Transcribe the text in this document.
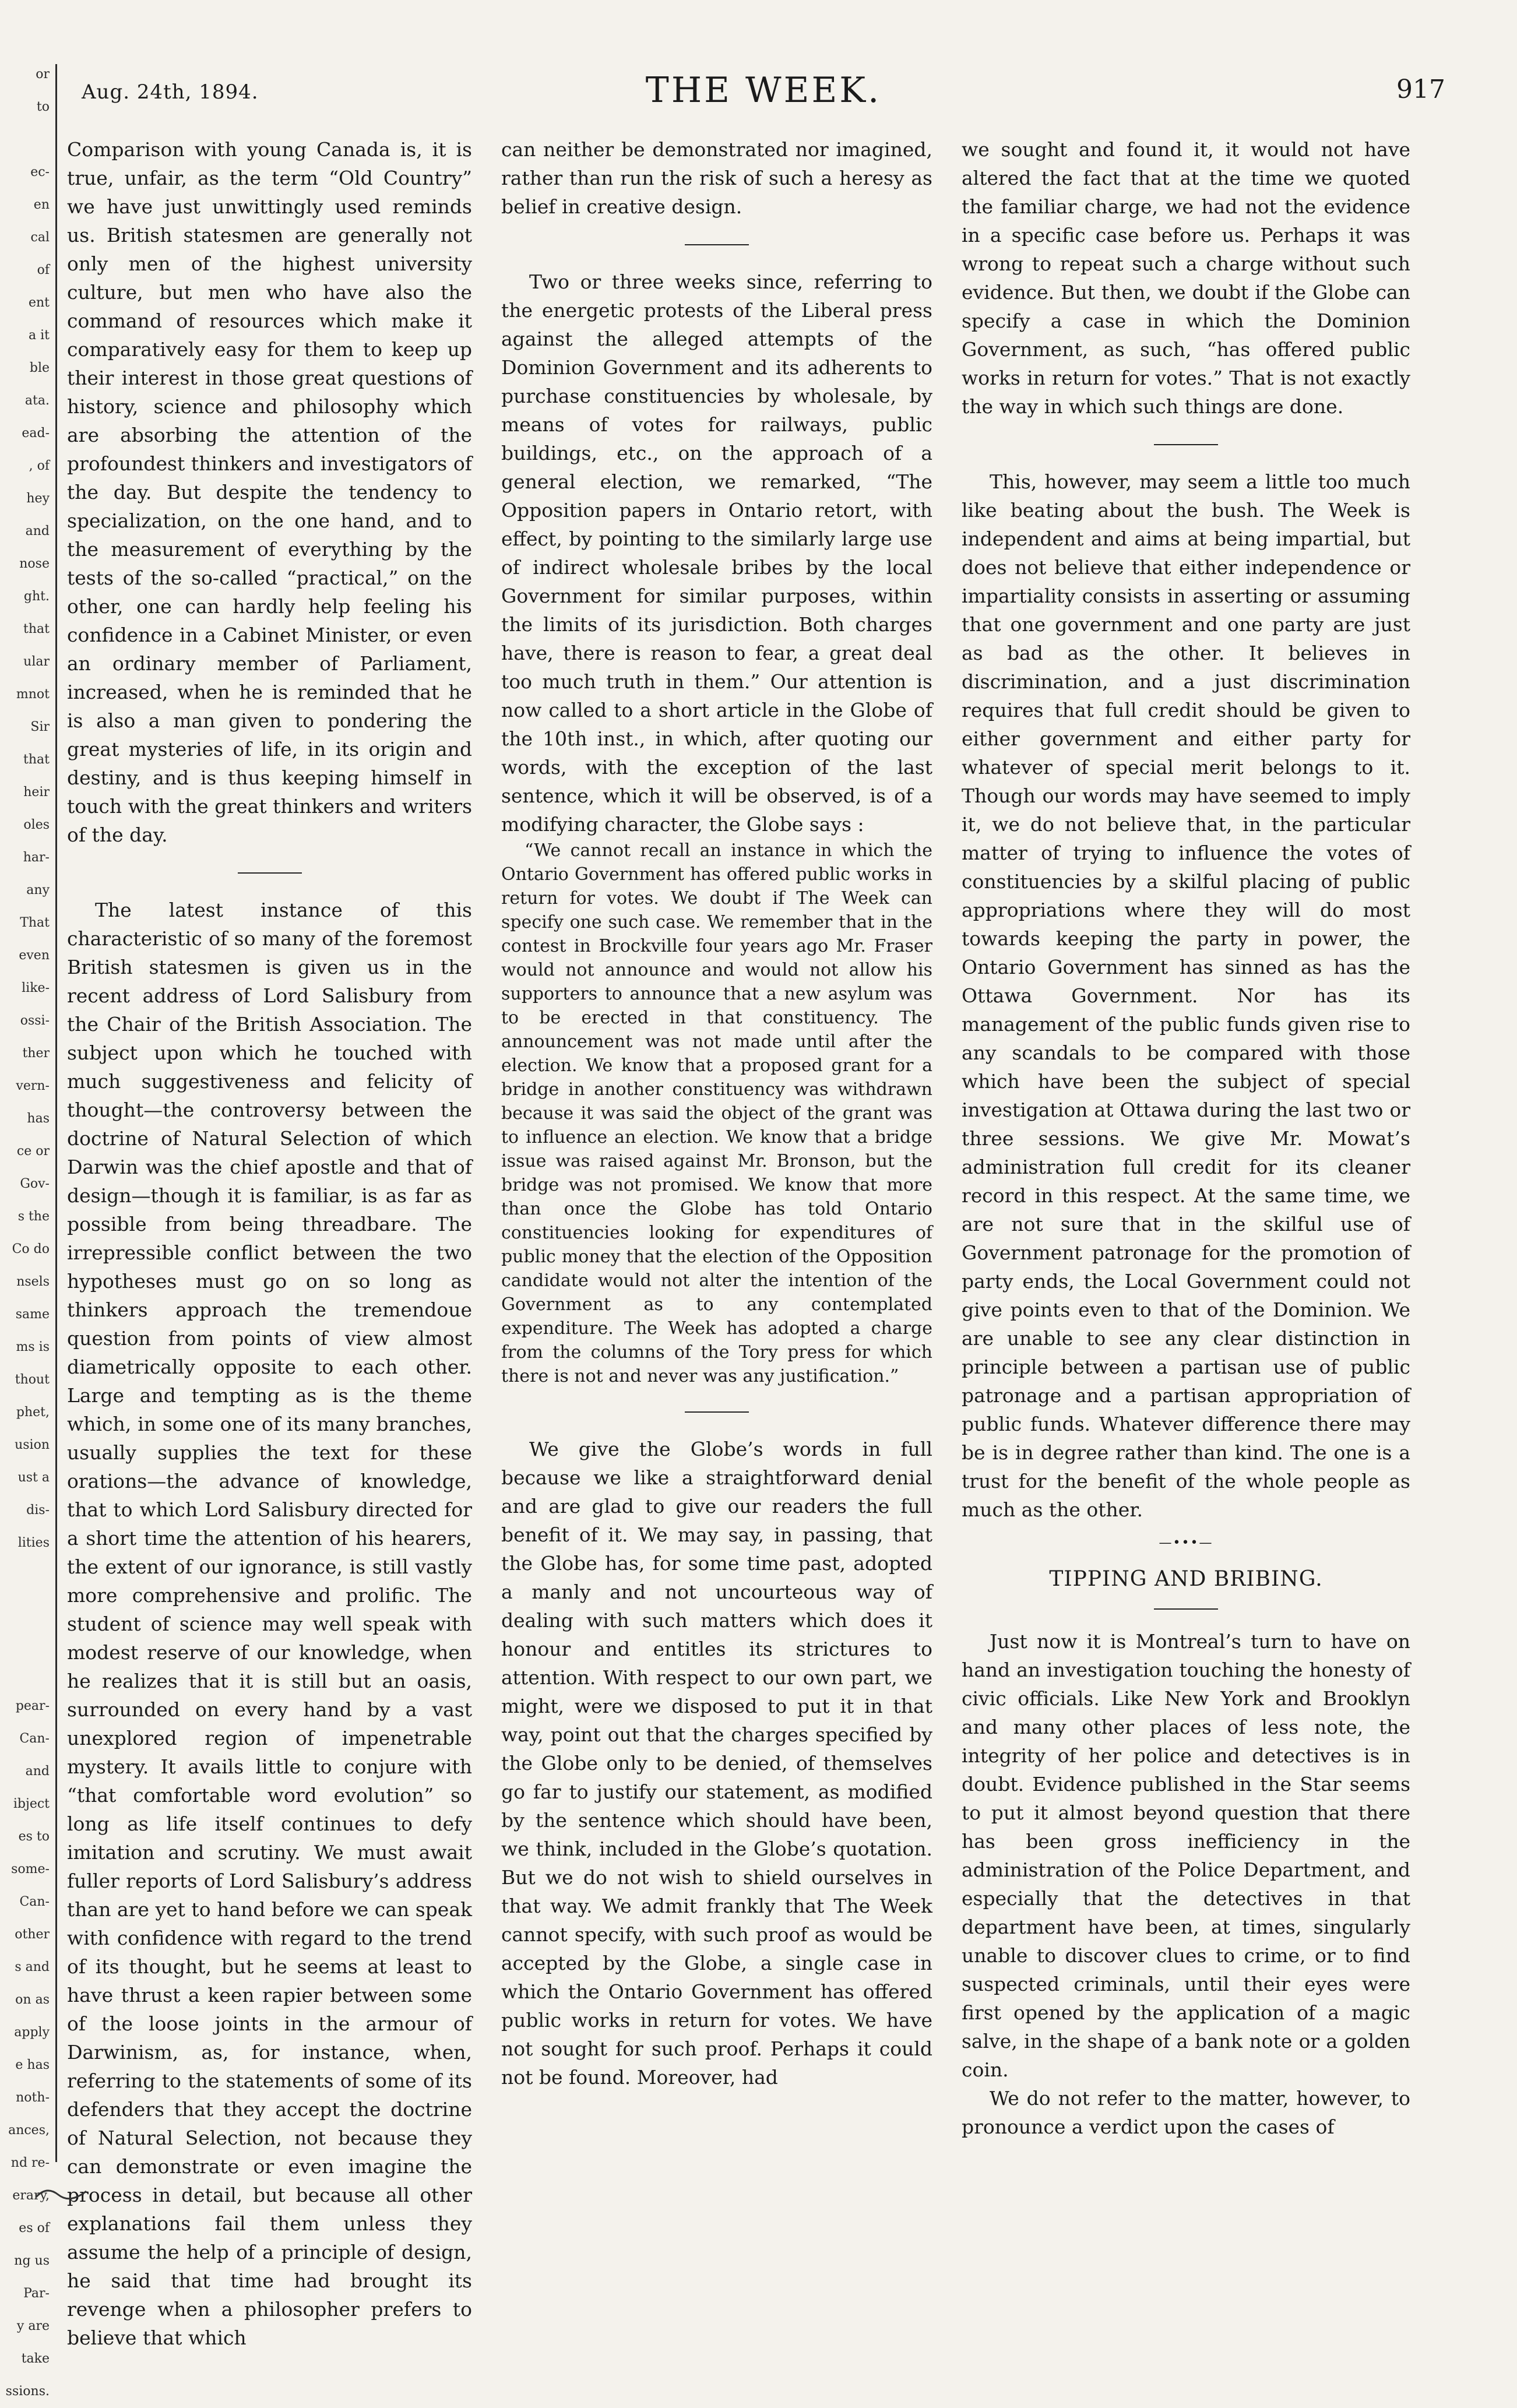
or
to
ec-
en
cal
of
ent
a it
ble
ata.
ead-
, of
hey
and
nose
ght.
that
ular
mnot
Sir
that
heir
oles
har-
any
That
even
like-
ossi-
ther
vern-
has
ce or
Gov-
s the
Co do
nsels
same
ms is
thout
phet,
usion
ust a
dis-
lities
pear-
Can-
and
ibject
es to
some-
Can-
other
s and
on as
apply
e has
noth-
ances,
nd re-
erary,
es of
ng us
Par-
y are
take
ssions.
Aug. 24th, 1894.	THE WEEK.	917

Comparison with young Canada is, it is true, unfair, as the term “Old Country” we have just unwittingly used reminds us. British statesmen are generally not only men of the highest university culture, but men who have also the command of resources which make it comparatively easy for them to keep up their interest in those great questions of history, science and philosophy which are absorbing the attention of the profoundest thinkers and investigators of the day. But despite the tendency to specialization, on the one hand, and to the measurement of everything by the tests of the so-called “practical,” on the other, one can hardly help feeling his confidence in a Cabinet Minister, or even an ordinary member of Parliament, increased, when he is reminded that he is also a man given to pondering the great mysteries of life, in its origin and destiny, and is thus keeping himself in touch with the great thinkers and writers of the day.

The latest instance of this characteristic of so many of the foremost British statesmen is given us in the recent address of Lord Salisbury from the Chair of the British Association. The subject upon which he touched with much suggestiveness and felicity of thought—the controversy between the doctrine of Natural Selection of which Darwin was the chief apostle and that of design—though it is familiar, is as far as possible from being threadbare. The irrepressible conflict between the two hypotheses must go on so long as thinkers approach the tremendoue question from points of view almost diametrically opposite to each other. Large and tempting as is the theme which, in some one of its many branches, usually supplies the text for these orations—the advance of knowledge, that to which Lord Salisbury directed for a short time the attention of his hearers, the extent of our ignorance, is still vastly more comprehensive and prolific. The student of science may well speak with modest reserve of our knowledge, when he realizes that it is still but an oasis, surrounded on every hand by a vast unexplored region of impenetrable mystery. It avails little to conjure with “that comfortable word evolution” so long as life itself continues to defy imitation and scrutiny. We must await fuller reports of Lord Salisbury’s address than are yet to hand before we can speak with confidence with regard to the trend of its thought, but he seems at least to have thrust a keen rapier between some of the loose joints in the armour of Darwinism, as, for instance, when, referring to the statements of some of its defenders that they accept the doctrine of Natural Selection, not because they can demonstrate or even imagine the process in detail, but because all other explanations fail them unless they assume the help of a principle of design, he said that time had brought its revenge when a philosopher prefers to believe that which

can neither be demonstrated nor imagined, rather than run the risk of such a heresy as belief in creative design.

Two or three weeks since, referring to the energetic protests of the Liberal press against the alleged attempts of the Dominion Government and its adherents to purchase constituencies by wholesale, by means of votes for railways, public buildings, etc., on the approach of a general election, we remarked, “The Opposition papers in Ontario retort, with effect, by pointing to the similarly large use of indirect wholesale bribes by the local Government for similar purposes, within the limits of its jurisdiction. Both charges have, there is reason to fear, a great deal too much truth in them.” Our attention is now called to a short article in the Globe of the 10th inst., in which, after quoting our words, with the exception of the last sentence, which it will be observed, is of a modifying character, the Globe says :

“We cannot recall an instance in which the Ontario Government has offered public works in return for votes. We doubt if The Week can specify one such case. We remember that in the contest in Brockville four years ago Mr. Fraser would not announce and would not allow his supporters to announce that a new asylum was to be erected in that constituency. The announcement was not made until after the election. We know that a proposed grant for a bridge in another constituency was withdrawn because it was said the object of the grant was to influence an election. We know that a bridge issue was raised against Mr. Bronson, but the bridge was not promised. We know that more than once the Globe has told Ontario constituencies looking for expenditures of public money that the election of the Opposition candidate would not alter the intention of the Government as to any contemplated expenditure. The Week has adopted a charge from the columns of the Tory press for which there is not and never was any justification.”

We give the Globe’s words in full because we like a straightforward denial and are glad to give our readers the full benefit of it. We may say, in passing, that the Globe has, for some time past, adopted a manly and not uncourteous way of dealing with such matters which does it honour and entitles its strictures to attention. With respect to our own part, we might, were we disposed to put it in that way, point out that the charges specified by the Globe only to be denied, of themselves go far to justify our statement, as modified by the sentence which should have been, we think, included in the Globe’s quotation. But we do not wish to shield ourselves in that way. We admit frankly that The Week cannot specify, with such proof as would be accepted by the Globe, a single case in which the Ontario Government has offered public works in return for votes. We have not sought for such proof. Perhaps it could not be found. Moreover, had

we sought and found it, it would not have altered the fact that at the time we quoted the familiar charge, we had not the evidence in a specific case before us. Perhaps it was wrong to repeat such a charge without such evidence. But then, we doubt if the Globe can specify a case in which the Dominion Government, as such, “has offered public works in return for votes.” That is not exactly the way in which such things are done.

This, however, may seem a little too much like beating about the bush. The Week is independent and aims at being impartial, but does not believe that either independence or impartiality consists in asserting or assuming that one government and one party are just as bad as the other. It believes in discrimination, and a just discrimination requires that full credit should be given to either government and either party for whatever of special merit belongs to it. Though our words may have seemed to imply it, we do not believe that, in the particular matter of trying to influence the votes of constituencies by a skilful placing of public appropriations where they will do most towards keeping the party in power, the Ontario Government has sinned as has the Ottawa Government. Nor has its management of the public funds given rise to any scandals to be compared with those which have been the subject of special investigation at Ottawa during the last two or three sessions. We give Mr. Mowat’s administration full credit for its cleaner record in this respect. At the same time, we are not sure that in the skilful use of Government patronage for the promotion of party ends, the Local Government could not give points even to that of the Dominion. We are unable to see any clear distinction in principle between a partisan use of public patronage and a partisan appropriation of public funds. Whatever difference there may be is in degree rather than kind. The one is a trust for the benefit of the whole people as much as the other.

—•••—
TIPPING AND BRIBING.

Just now it is Montreal’s turn to have on hand an investigation touching the honesty of civic officials. Like New York and Brooklyn and many other places of less note, the integrity of her police and detectives is in doubt. Evidence published in the Star seems to put it almost beyond question that there has been gross inefficiency in the administration of the Police Department, and especially that the detectives in that department have been, at times, singularly unable to discover clues to crime, or to find suspected criminals, until their eyes were first opened by the application of a magic salve, in the shape of a bank note or a golden coin.

We do not refer to the matter, however, to pronounce a verdict upon the cases of
